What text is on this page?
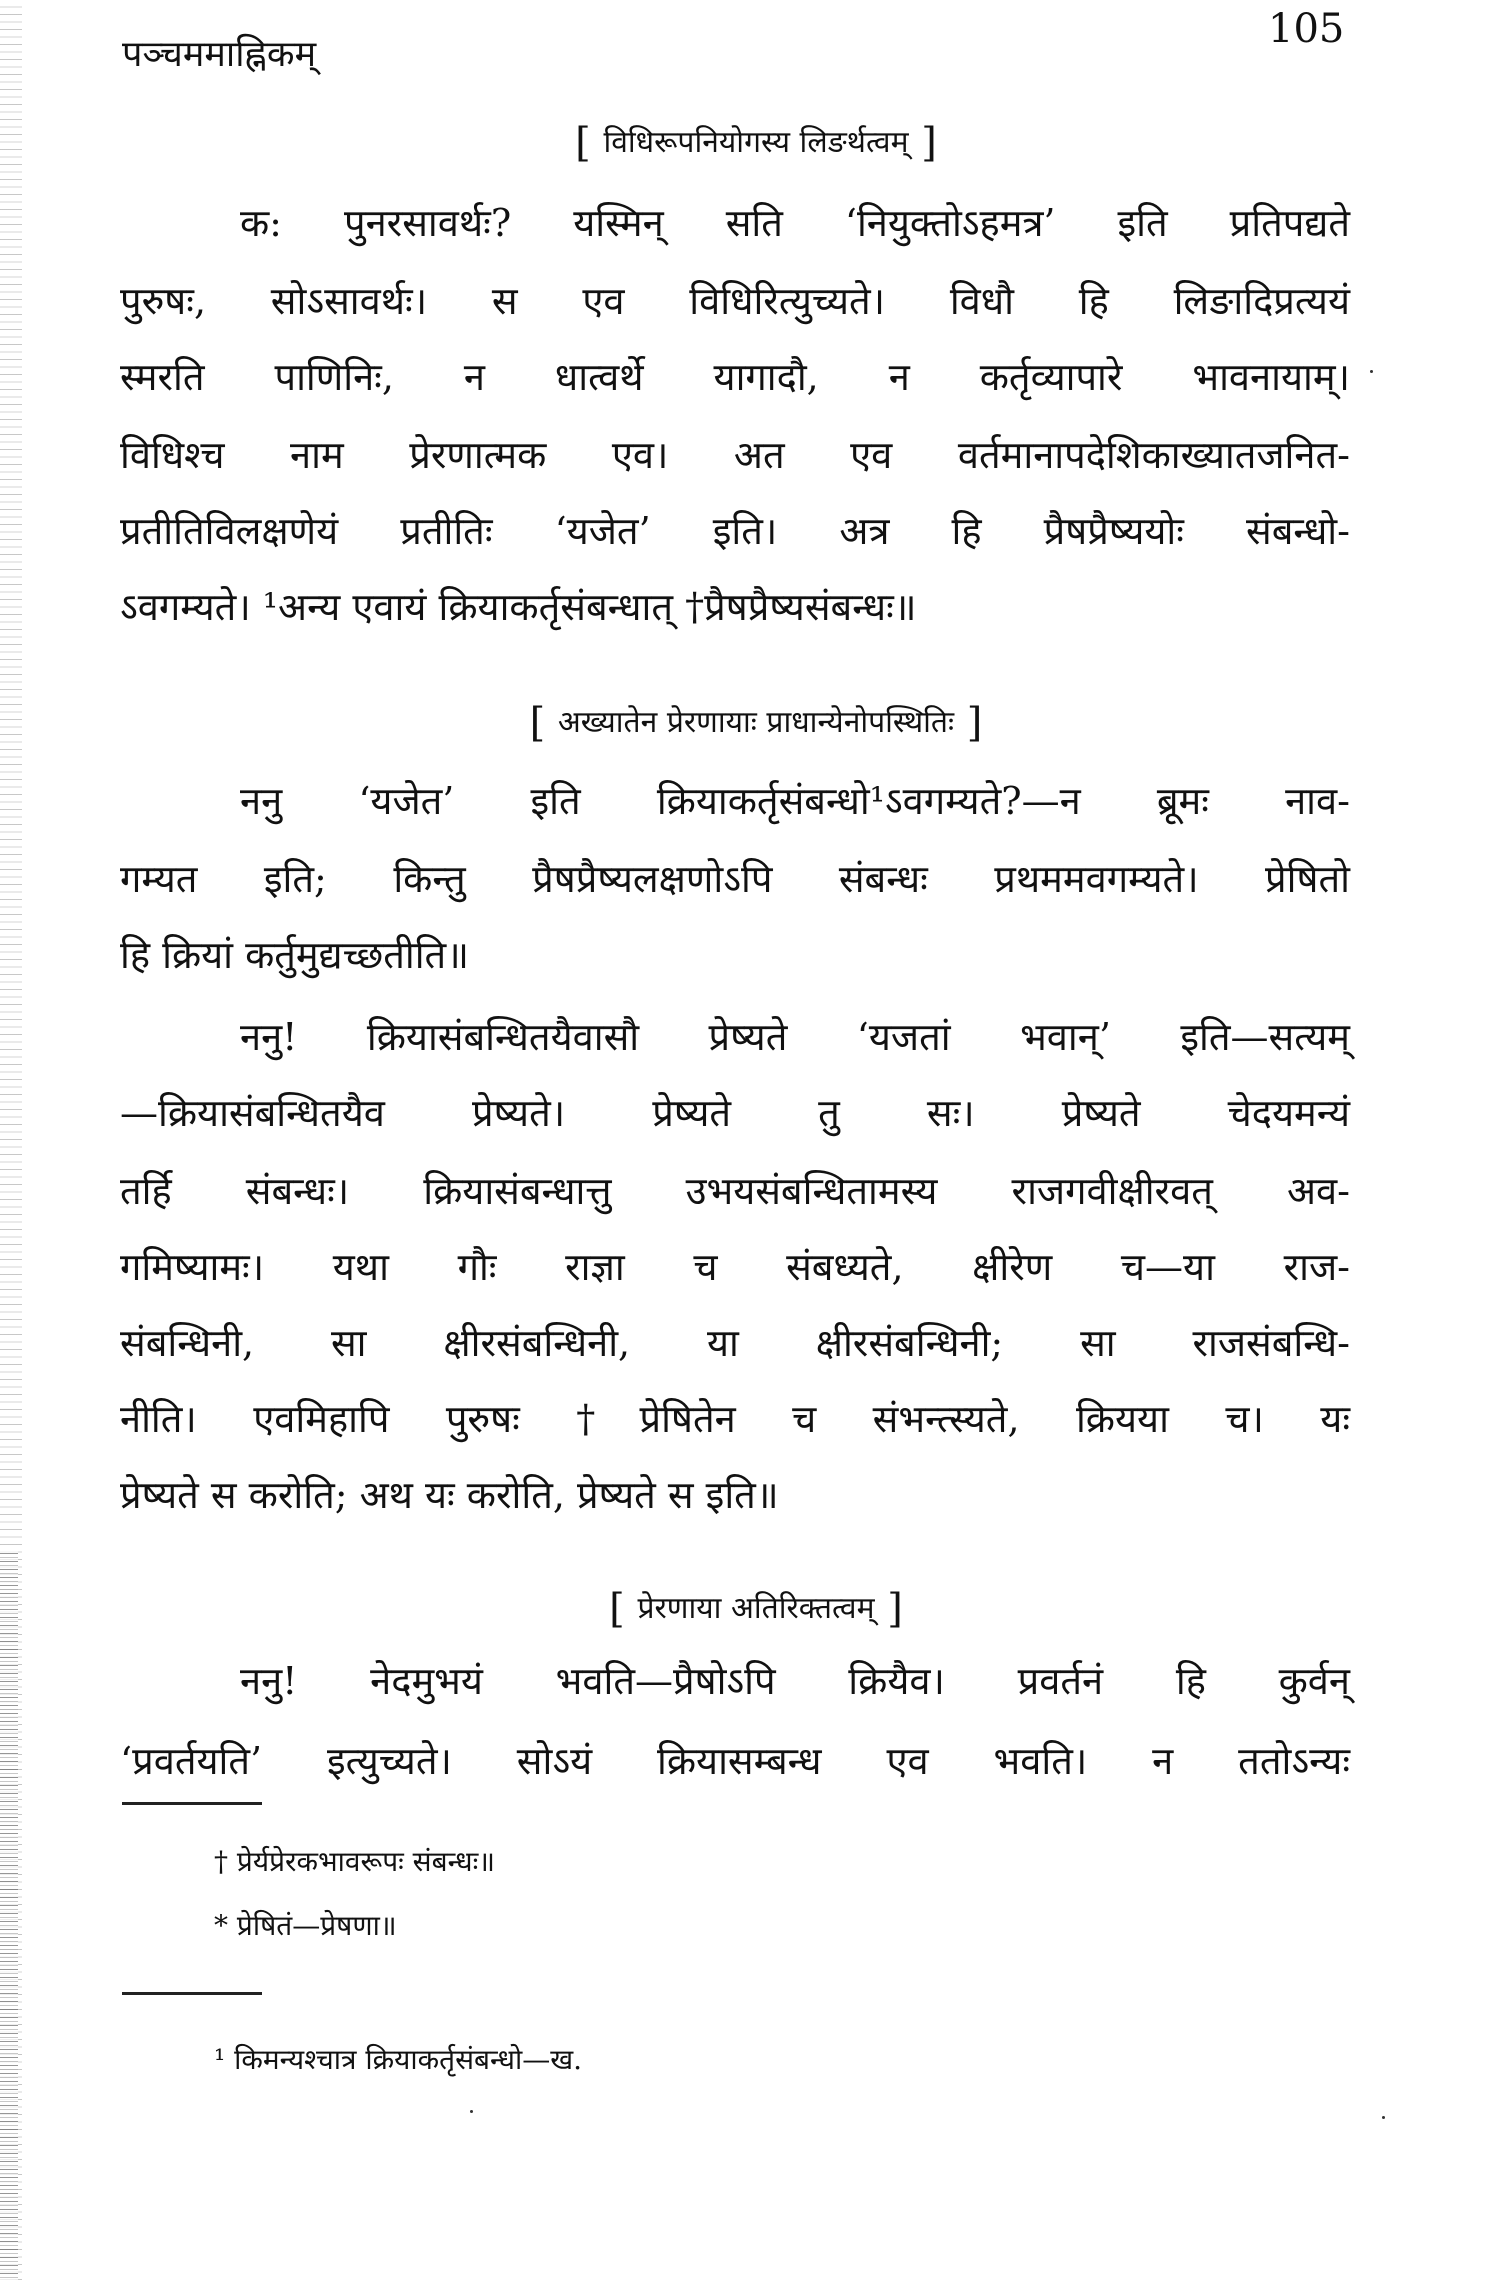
पञ्चममाह्निकम्
105
[ विधिरूपनियोगस्य लिङर्थत्वम् ]
क: पुनरसावर्थः? यस्मिन् सति ‘नियुक्तोऽहमत्र’ इति प्रतिपद्यते
पुरुषः, सोऽसावर्थः। स एव विधिरित्युच्यते। विधौ हि लिङादिप्रत्ययं
स्मरति पाणिनिः, न धात्वर्थे यागादौ, न कर्तृव्यापारे भावनायाम्।
विधिश्च नाम प्रेरणात्मक एव। अत एव वर्तमानापदेशिकाख्यातजनित-
प्रतीतिविलक्षणेयं प्रतीतिः ‘यजेत’ इति। अत्र हि प्रैषप्रैष्ययोः संबन्धो-
ऽवगम्यते। ¹अन्य एवायं क्रियाकर्तृसंबन्धात् †प्रैषप्रैष्यसंबन्धः॥
[ अख्यातेन प्रेरणायाः प्राधान्येनोपस्थितिः ]
ननु ‘यजेत’ इति क्रियाकर्तृसंबन्धो¹ऽवगम्यते?—न ब्रूमः नाव-
गम्यत इति; किन्तु प्रैषप्रैष्यलक्षणोऽपि संबन्धः प्रथममवगम्यते। प्रेषितो
हि क्रियां कर्तुमुद्यच्छतीति॥
ननु! क्रियासंबन्धितयैवासौ प्रेष्यते ‘यजतां भवान्’ इति—सत्यम्
—क्रियासंबन्धितयैव प्रेष्यते। प्रेष्यते तु सः। प्रेष्यते चेदयमन्यं
तर्हि संबन्धः। क्रियासंबन्धात्तु उभयसंबन्धितामस्य राजगवीक्षीरवत् अव-
गमिष्यामः। यथा गौः राज्ञा च संबध्यते, क्षीरेण च—या राज-
संबन्धिनी, सा क्षीरसंबन्धिनी, या क्षीरसंबन्धिनी; सा राजसंबन्धि-
नीति। एवमिहापि पुरुषः †प्रेषितेन च संभन्त्स्यते, क्रियया च। यः
प्रेष्यते स करोति; अथ यः करोति, प्रेष्यते स इति॥
[ प्रेरणाया अतिरिक्तत्वम् ]
ननु! नेदमुभयं भवति—प्रैषोऽपि क्रियैव। प्रवर्तनं हि कुर्वन्
‘प्रवर्तयति’ इत्युच्यते। सोऽयं क्रियासम्बन्ध एव भवति। न ततोऽन्यः
† प्रेर्यप्रेरकभावरूपः संबन्धः॥
* प्रेषितं—प्रेषणा॥
¹ किमन्यश्चात्र क्रियाकर्तृसंबन्धो—ख.
